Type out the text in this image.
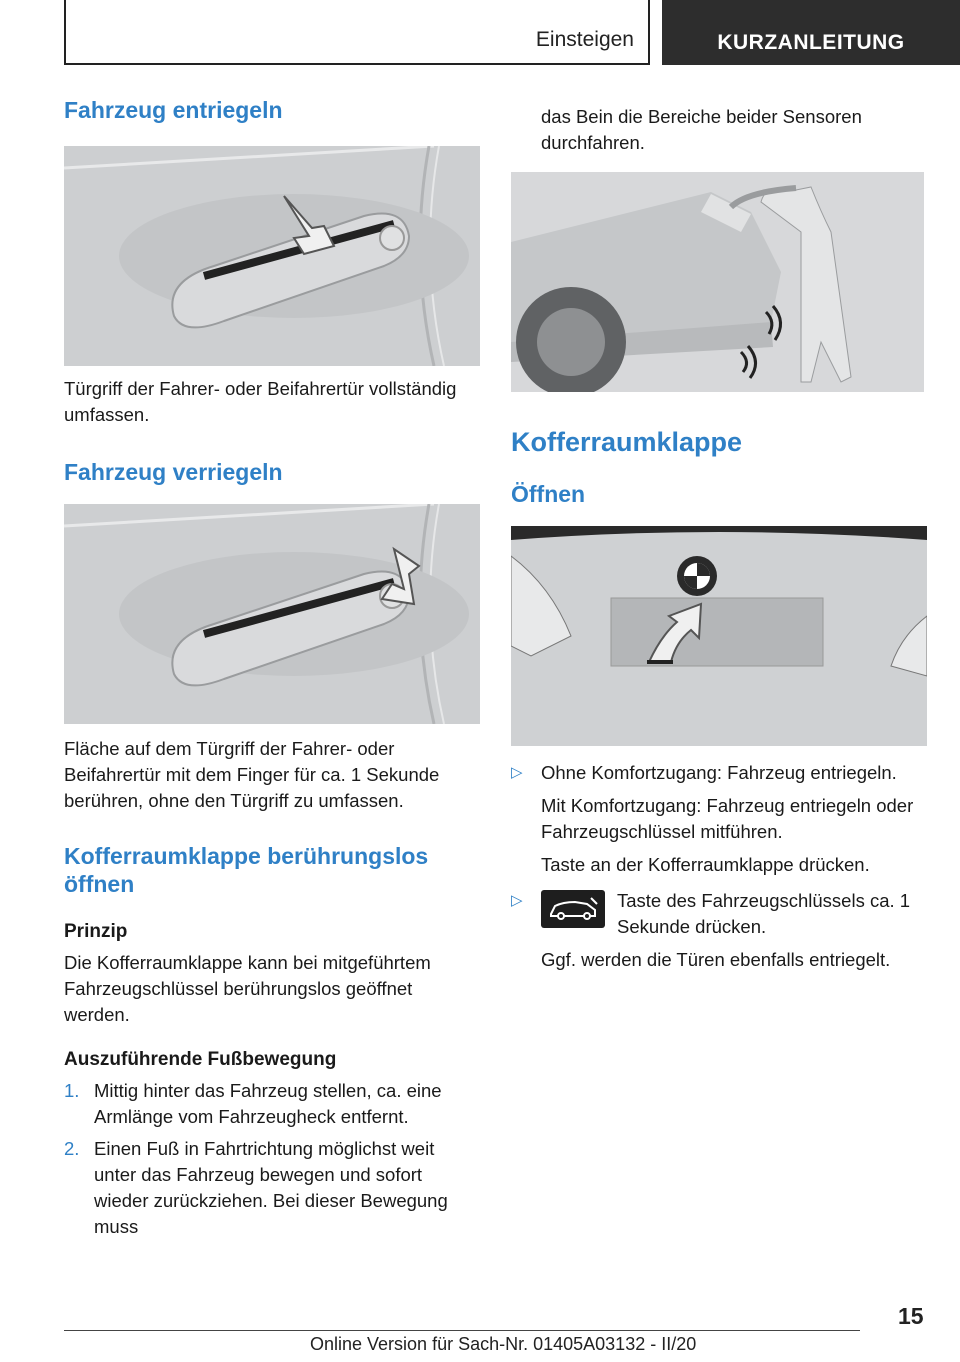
Einsteigen	KURZANLEITUNG
Fahrzeug entriegeln

Türgriff der Fahrer- oder Beifahrertür vollständig umfassen.

Fahrzeug verriegeln

Fläche auf dem Türgriff der Fahrer- oder Beifahrertür mit dem Finger für ca. 1 Sekunde berühren, ohne den Türgriff zu umfassen.

Kofferraumklappe berührungslos öffnen
Prinzip

Die Kofferraumklappe kann bei mitgeführtem Fahrzeugschlüssel berührungslos geöffnet werden.

Auszuführende Fußbewegung
1. Mittig hinter das Fahrzeug stellen, ca. eine Armlänge vom Fahrzeugheck entfernt.
2. Einen Fuß in Fahrtrichtung möglichst weit unter das Fahrzeug bewegen und sofort wieder zurückziehen. Bei dieser Bewegung muss

das Bein die Bereiche beider Sensoren durchfahren.

Kofferraumklappe
Öffnen
▷ Ohne Komfortzugang: Fahrzeug entriegeln.

Mit Komfortzugang: Fahrzeug entriegeln oder Fahrzeugschlüssel mitführen.

Taste an der Kofferraumklappe drücken.

▷	Taste des Fahrzeugschlüssels ca. 1 Sekunde drücken.

Ggf. werden die Türen ebenfalls entriegelt.

15
Online Version für Sach-Nr. 01405A03132 - II/20
